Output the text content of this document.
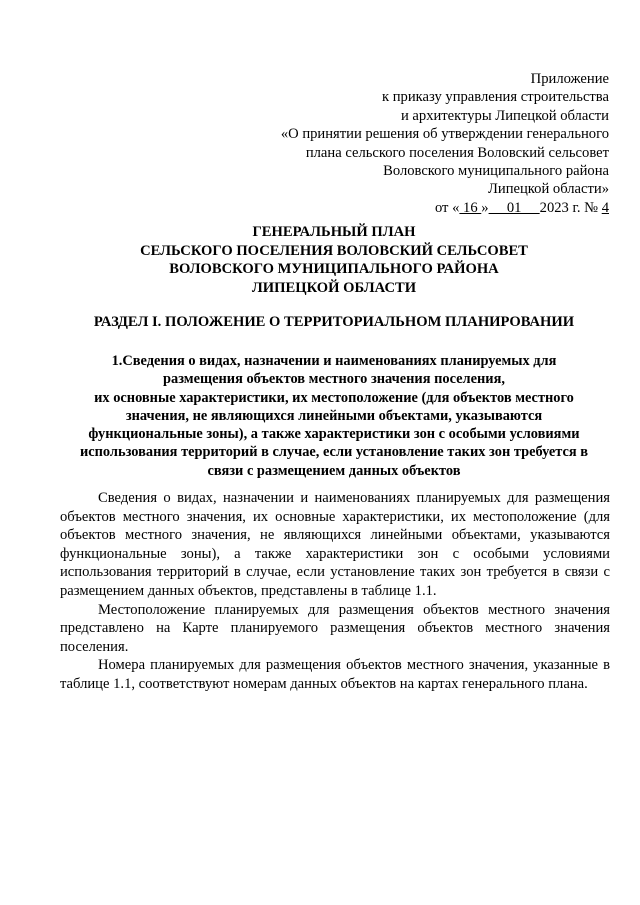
Приложение
к приказу управления строительства
и архитектуры Липецкой области
«О принятии решения об утверждении генерального
плана сельского поселения Воловский сельсовет
Воловского муниципального района
Липецкой области»
от « 16 »     01     2023 г. № 4
ГЕНЕРАЛЬНЫЙ ПЛАН
СЕЛЬСКОГО ПОСЕЛЕНИЯ ВОЛОВСКИЙ СЕЛЬСОВЕТ
ВОЛОВСКОГО МУНИЦИПАЛЬНОГО РАЙОНА
ЛИПЕЦКОЙ ОБЛАСТИ
РАЗДЕЛ I. ПОЛОЖЕНИЕ О ТЕРРИТОРИАЛЬНОМ ПЛАНИРОВАНИИ
1.Сведения о видах, назначении и наименованиях планируемых для
размещения объектов местного значения поселения,
их основные характеристики, их местоположение (для объектов местного
значения, не являющихся линейными объектами, указываются
функциональные зоны), а также характеристики зон с особыми условиями
использования территорий в случае, если установление таких зон требуется в
связи с размещением данных объектов

Сведения о видах, назначении и наименованиях планируемых для размещения объектов местного значения, их основные характеристики, их местоположение (для объектов местного значения, не являющихся линейными объектами, указываются функциональные зоны), а также характеристики зон с особыми условиями использования территорий в случае, если установление таких зон требуется в связи с размещением данных объектов, представлены в таблице 1.1.

Местоположение планируемых для размещения объектов местного значения представлено на Карте планируемого размещения объектов местного значения поселения.

Номера планируемых для размещения объектов местного значения, указанные в таблице 1.1, соответствуют номерам данных объектов на картах генерального плана.
